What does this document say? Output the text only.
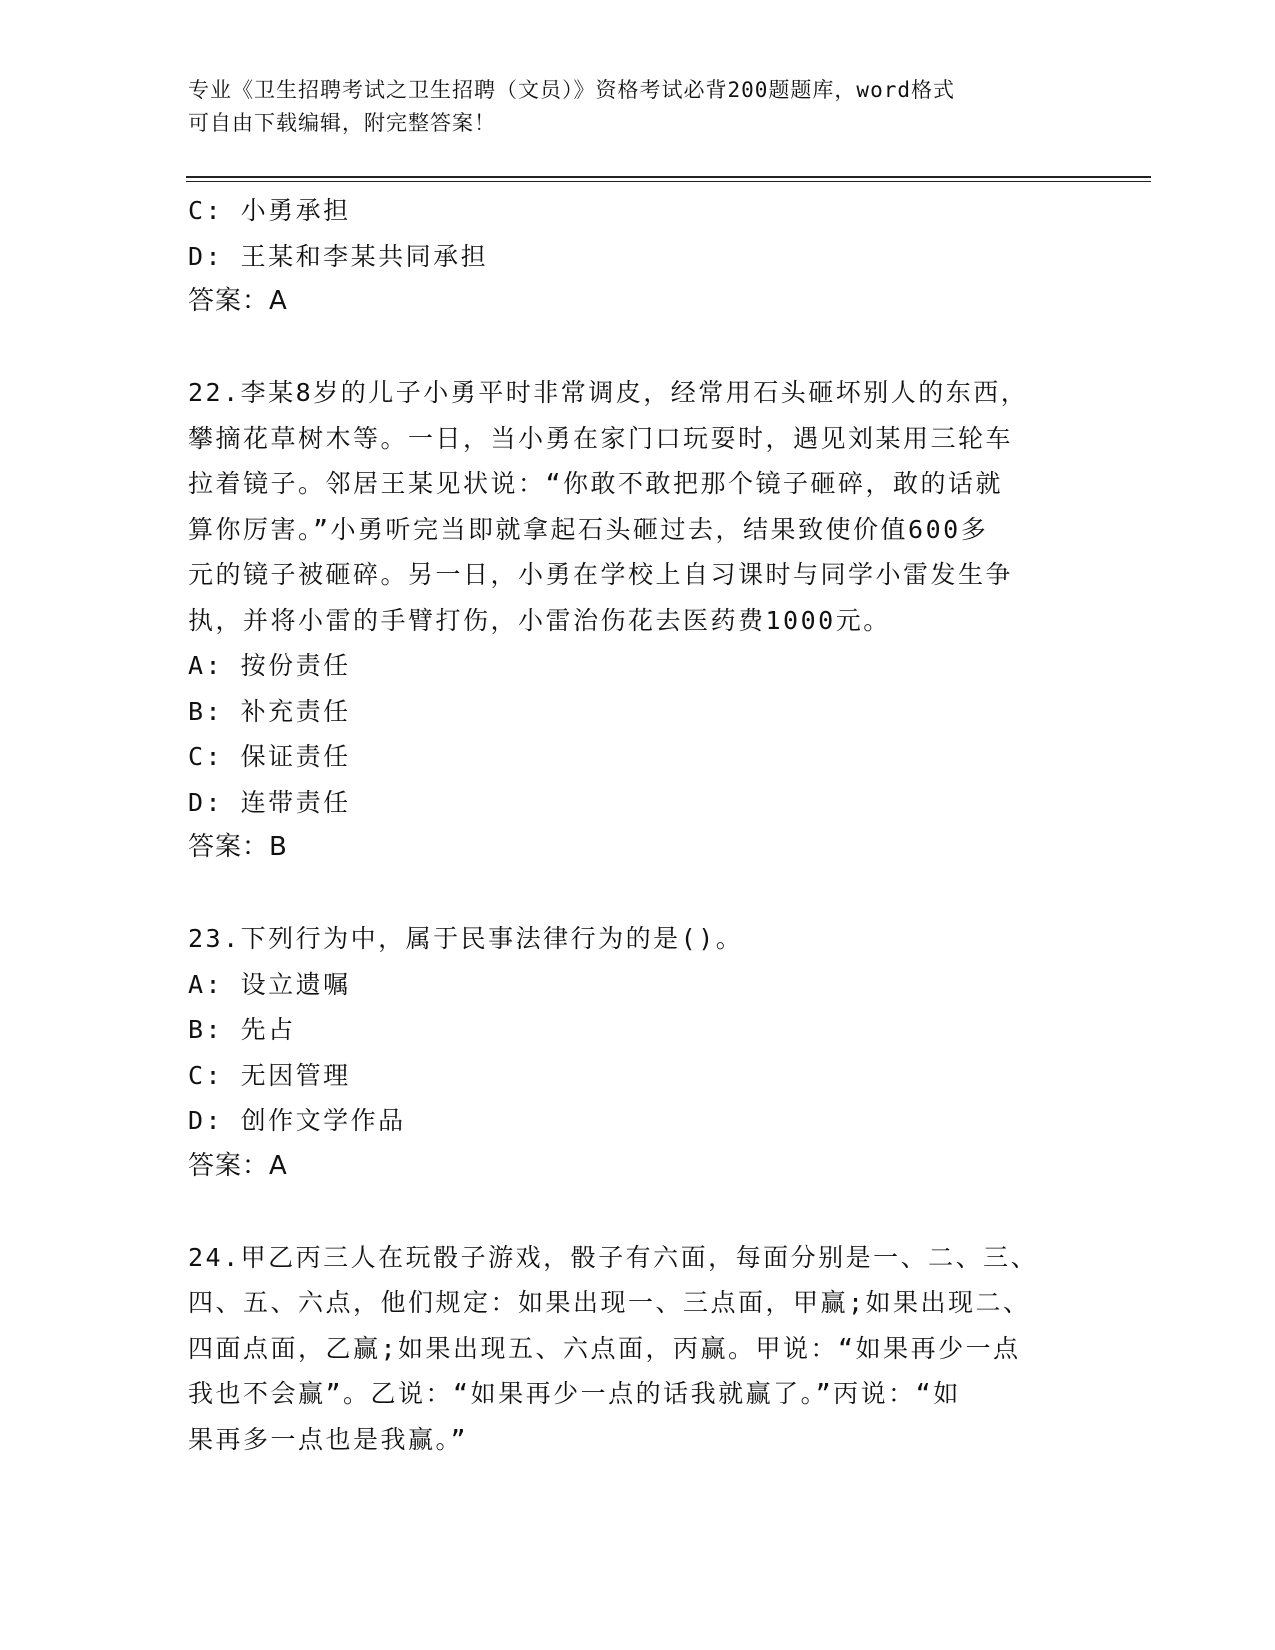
专业《卫生招聘考试之卫生招聘（文员）》资格考试必背200题题库，word格式
可自由下载编辑，附完整答案！
C: 小勇承担
D: 王某和李某共同承担
答案：A
22.李某8岁的儿子小勇平时非常调皮，经常用石头砸坏别人的东西，
攀摘花草树木等。一日，当小勇在家门口玩耍时，遇见刘某用三轮车
拉着镜子。邻居王某见状说：“你敢不敢把那个镜子砸碎，敢的话就
算你厉害。”小勇听完当即就拿起石头砸过去，结果致使价值600多
元的镜子被砸碎。另一日，小勇在学校上自习课时与同学小雷发生争
执，并将小雷的手臂打伤，小雷治伤花去医药费1000元。
A: 按份责任
B: 补充责任
C: 保证责任
D: 连带责任
答案：B
23.下列行为中，属于民事法律行为的是()。
A: 设立遗嘱
B: 先占
C: 无因管理
D: 创作文学作品
答案：A
24.甲乙丙三人在玩骰子游戏，骰子有六面，每面分别是一、二、三、
四、五、六点，他们规定：如果出现一、三点面，甲赢;如果出现二、
四面点面，乙赢;如果出现五、六点面，丙赢。甲说：“如果再少一点
我也不会赢”。乙说：“如果再少一点的话我就赢了。”丙说：“如
果再多一点也是我赢。”
